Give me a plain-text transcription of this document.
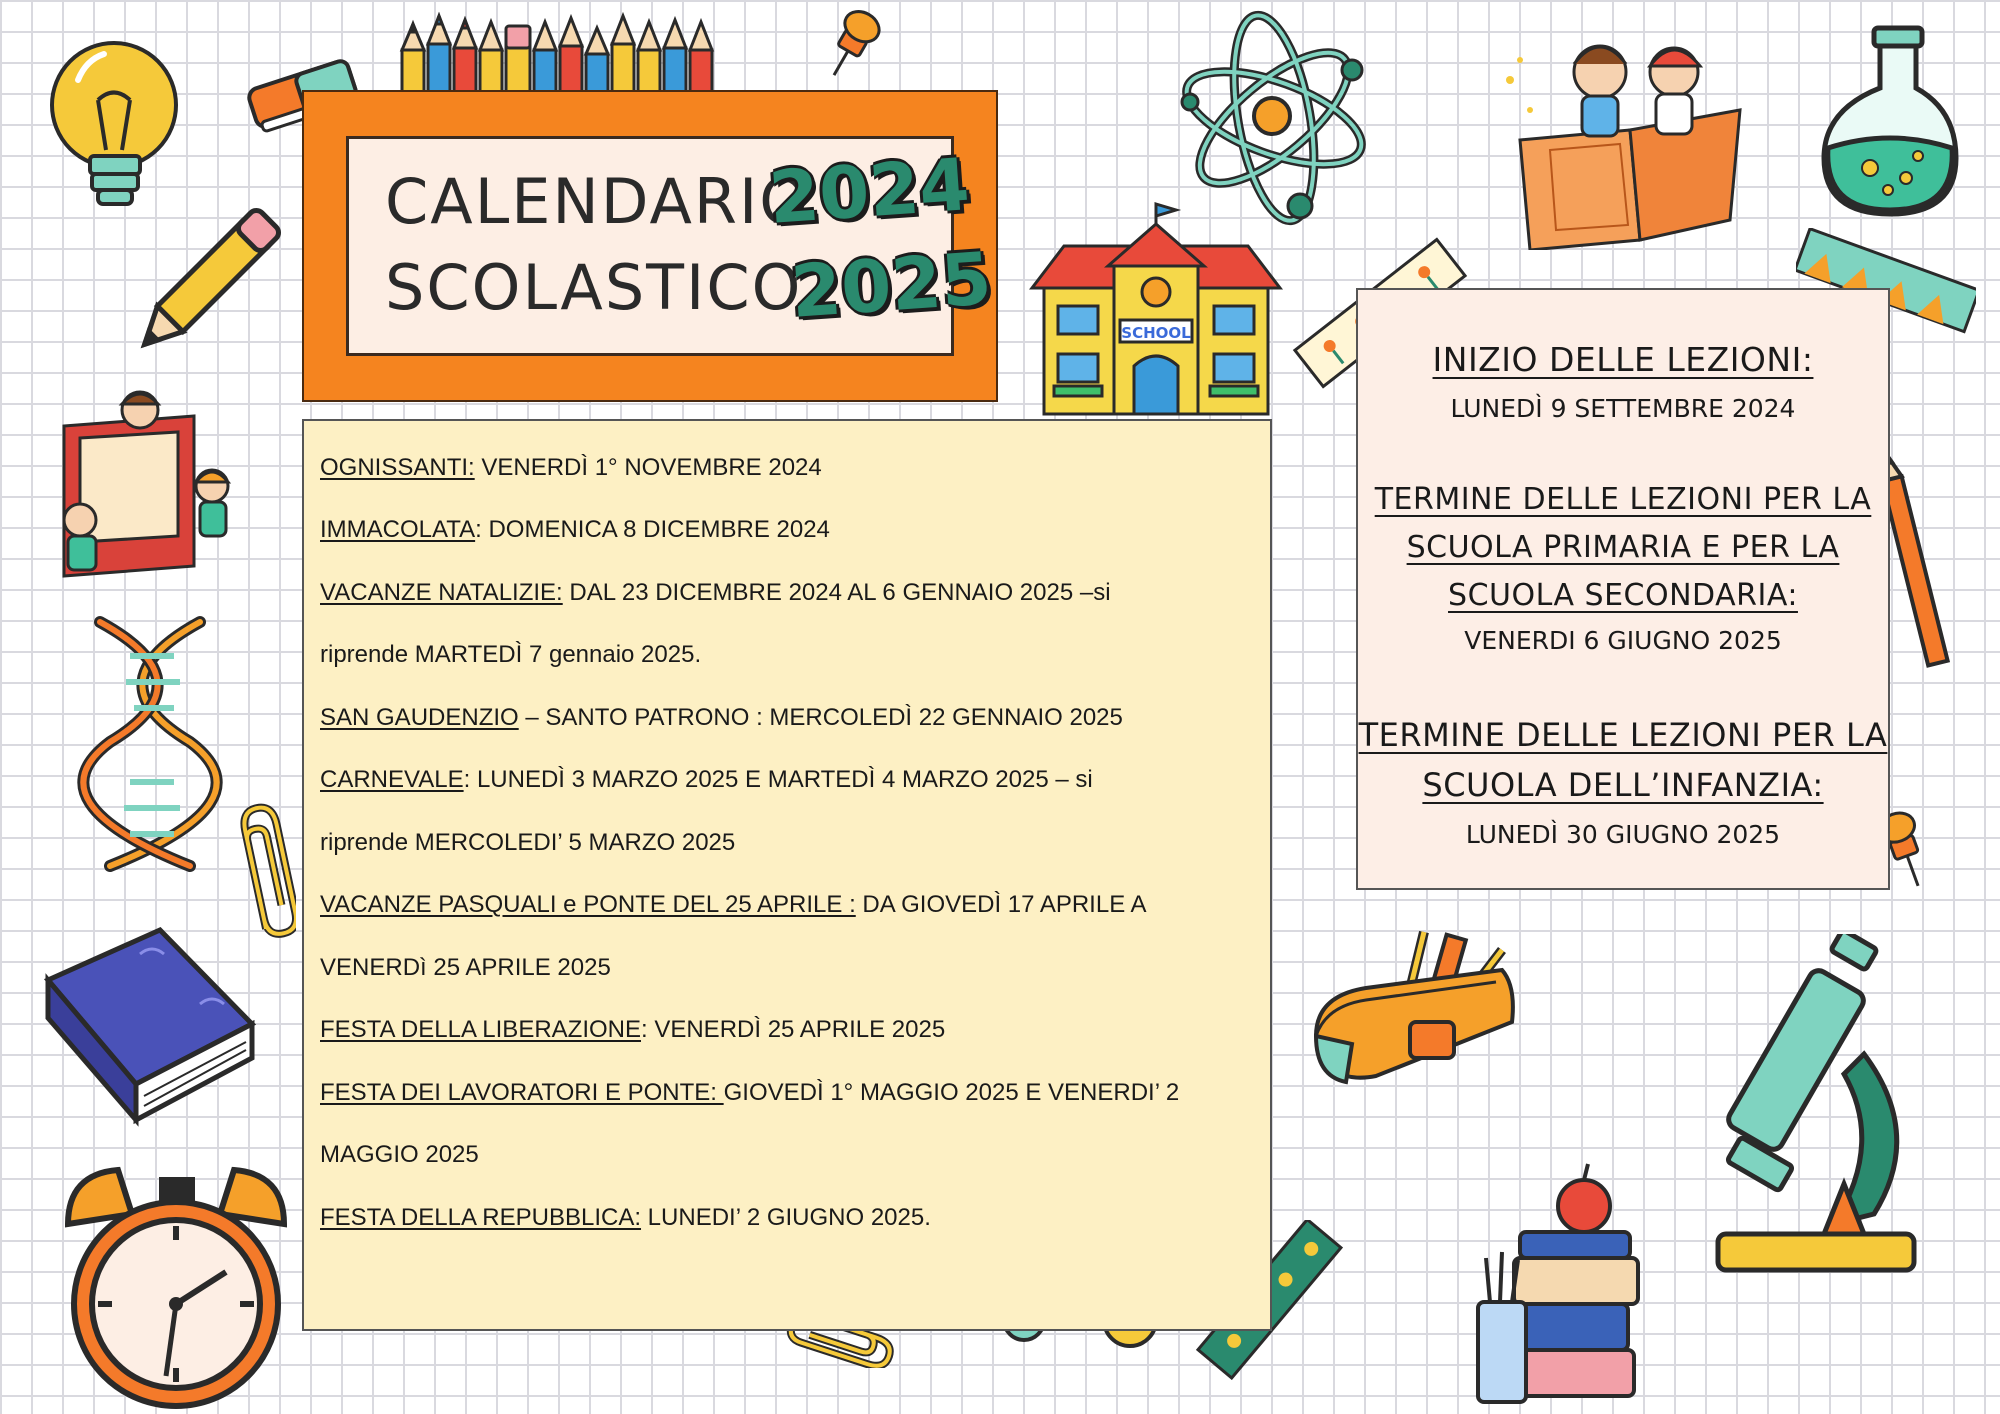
SCHOOL
CALENDARIO
SCOLASTICO
2024
2025
OGNISSANTI: VENERDÌ 1° NOVEMBRE 2024
IMMACOLATA: DOMENICA 8 DICEMBRE 2024
VACANZE NATALIZIE: DAL 23 DICEMBRE 2024 AL 6 GENNAIO 2025 –si
riprende MARTEDÌ 7 gennaio 2025.
SAN GAUDENZIO – SANTO PATRONO : MERCOLEDÌ 22 GENNAIO 2025
CARNEVALE: LUNEDÌ 3 MARZO 2025 E MARTEDÌ 4 MARZO 2025 – si
riprende MERCOLEDI’ 5 MARZO 2025
VACANZE PASQUALI e PONTE DEL 25 APRILE : DA GIOVEDÌ 17 APRILE A
VENERDì 25 APRILE 2025
FESTA DELLA LIBERAZIONE: VENERDÌ 25 APRILE 2025
FESTA DEI LAVORATORI E PONTE: GIOVEDÌ 1° MAGGIO 2025 E VENERDI’ 2
MAGGIO 2025
FESTA DELLA REPUBBLICA: LUNEDI’ 2 GIUGNO 2025.
INIZIO DELLE LEZIONI:
LUNEDÌ 9 SETTEMBRE 2024
TERMINE DELLE LEZIONI PER LA
SCUOLA PRIMARIA E PER LA
SCUOLA SECONDARIA:
VENERDI 6 GIUGNO 2025
TERMINE DELLE LEZIONI PER LA
SCUOLA DELL’INFANZIA:
LUNEDÌ 30 GIUGNO 2025
